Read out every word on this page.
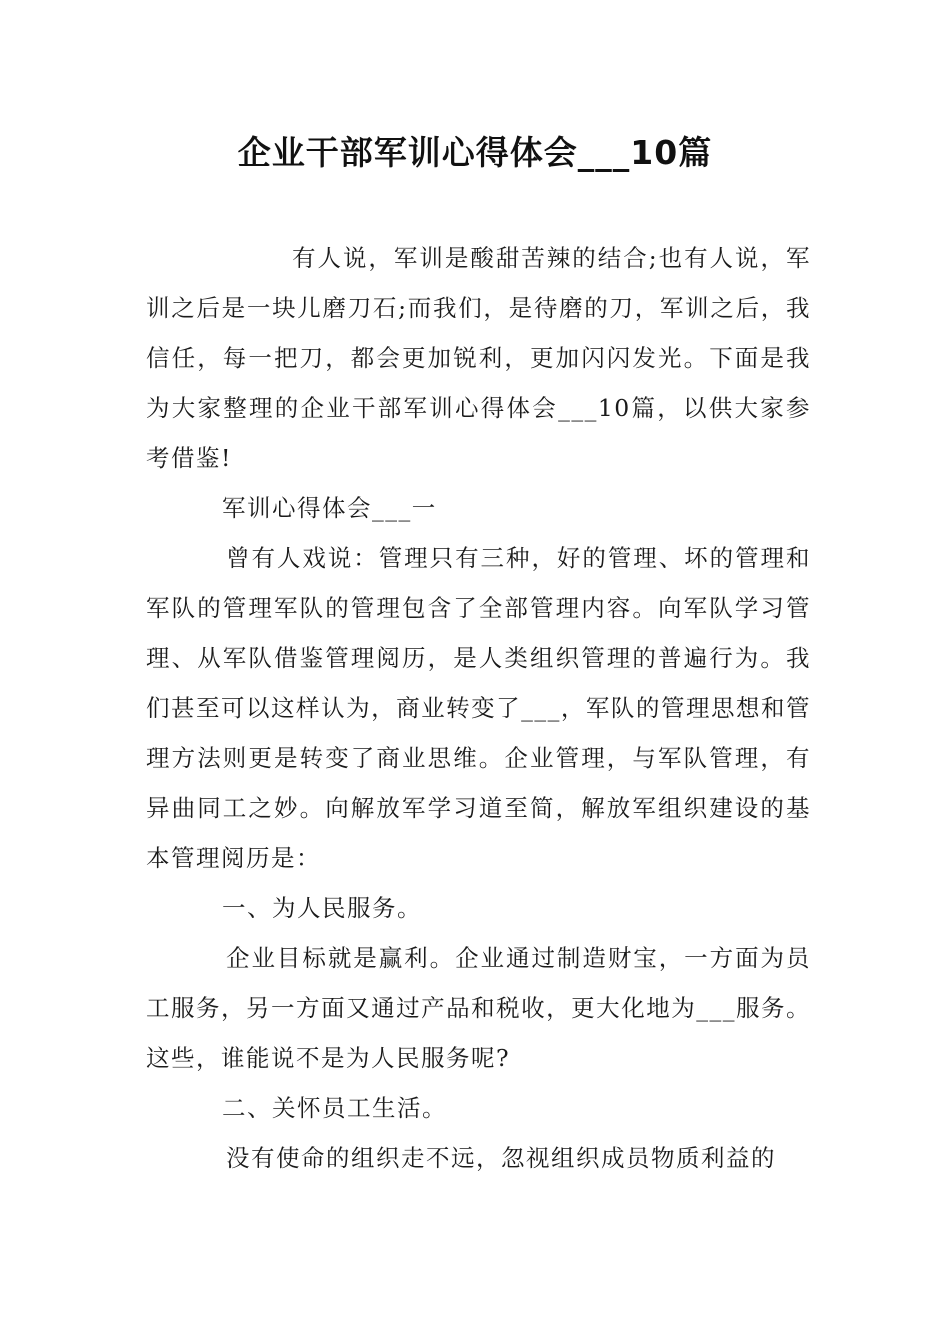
企业干部军训心得体会___10篇

有人说，军训是酸甜苦辣的结合;也有人说，军训之后是一块儿磨刀石;而我们，是待磨的刀，军训之后，我信任，每一把刀，都会更加锐利，更加闪闪发光。下面是我为大家整理的企业干部军训心得体会___10篇，以供大家参考借鉴!

军训心得体会___一

曾有人戏说：管理只有三种，好的管理、坏的管理和军队的管理军队的管理包含了全部管理内容。向军队学习管理、从军队借鉴管理阅历，是人类组织管理的普遍行为。我们甚至可以这样认为，商业转变了___，军队的管理思想和管理方法则更是转变了商业思维。企业管理，与军队管理，有异曲同工之妙。向解放军学习道至简，解放军组织建设的基本管理阅历是：

一、为人民服务。

企业目标就是赢利。企业通过制造财宝，一方面为员工服务，另一方面又通过产品和税收，更大化地为___服务。这些，谁能说不是为人民服务呢?

二、关怀员工生活。

没有使命的组织走不远，忽视组织成员物质利益的
